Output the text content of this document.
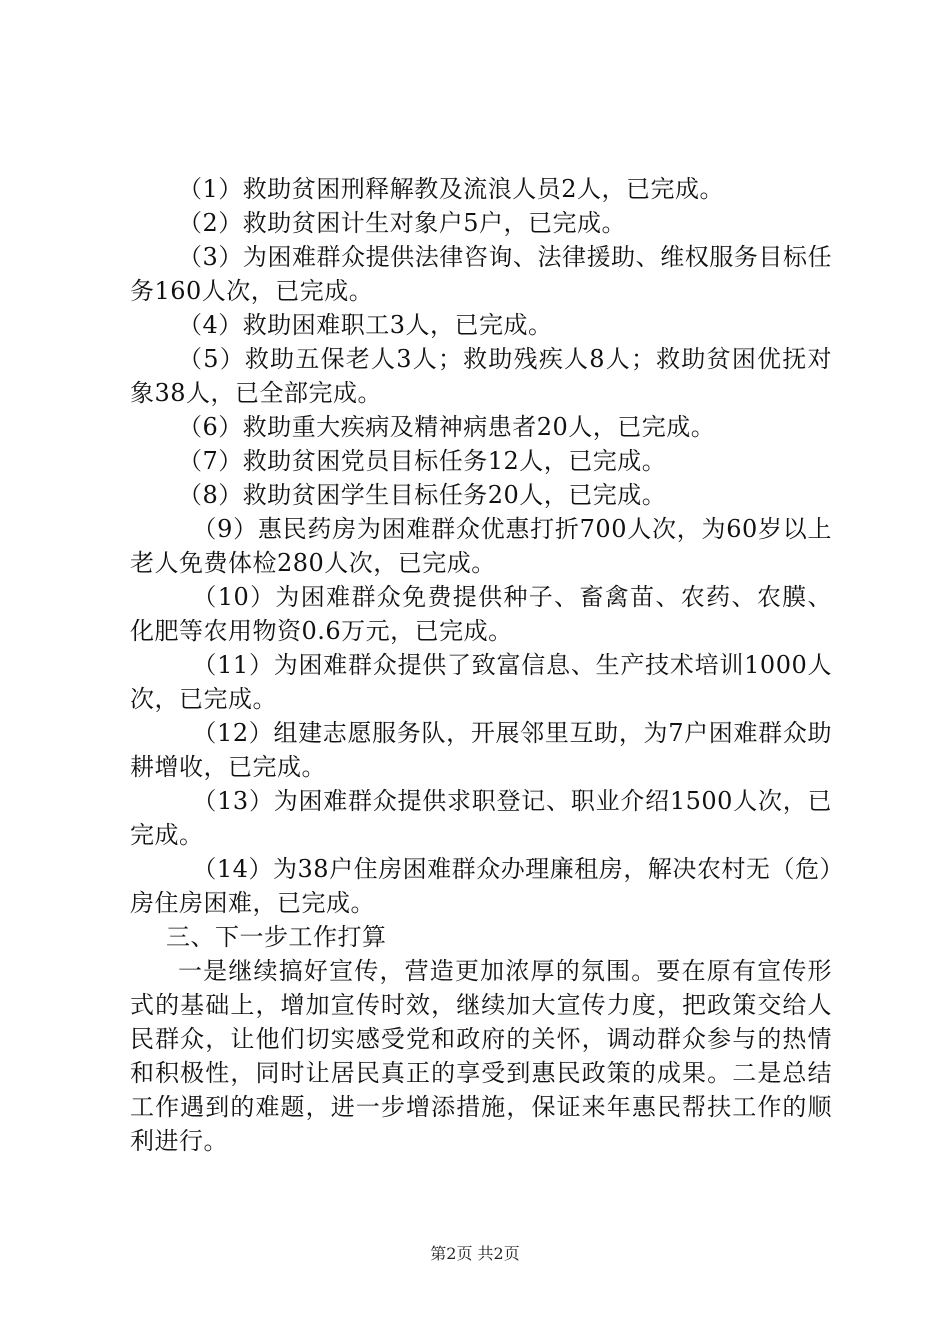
（1）救助贫困刑释解教及流浪人员2人，已完成。

（2）救助贫困计生对象户5户，已完成。

（3）为困难群众提供法律咨询、法律援助、维权服务目标任务160人次，已完成。

（4）救助困难职工3人，已完成。

（5）救助五保老人3人；救助残疾人8人；救助贫困优抚对象38人，已全部完成。

（6）救助重大疾病及精神病患者20人，已完成。

（7）救助贫困党员目标任务12人，已完成。

（8）救助贫困学生目标任务20人，已完成。

（9）惠民药房为困难群众优惠打折700人次，为60岁以上老人免费体检280人次，已完成。

（10）为困难群众免费提供种子、畜禽苗、农药、农膜、化肥等农用物资0.6万元，已完成。

（11）为困难群众提供了致富信息、生产技术培训1000人次，已完成。

（12）组建志愿服务队，开展邻里互助，为7户困难群众助耕增收，已完成。

（13）为困难群众提供求职登记、职业介绍1500人次，已完成。

（14）为38户住房困难群众办理廉租房，解决农村无（危）房住房困难，已完成。

三、下一步工作打算

一是继续搞好宣传，营造更加浓厚的氛围。要在原有宣传形式的基础上，增加宣传时效，继续加大宣传力度，把政策交给人民群众，让他们切实感受党和政府的关怀，调动群众参与的热情和积极性，同时让居民真正的享受到惠民政策的成果。二是总结工作遇到的难题，进一步增添措施，保证来年惠民帮扶工作的顺利进行。

第2页 共2页
